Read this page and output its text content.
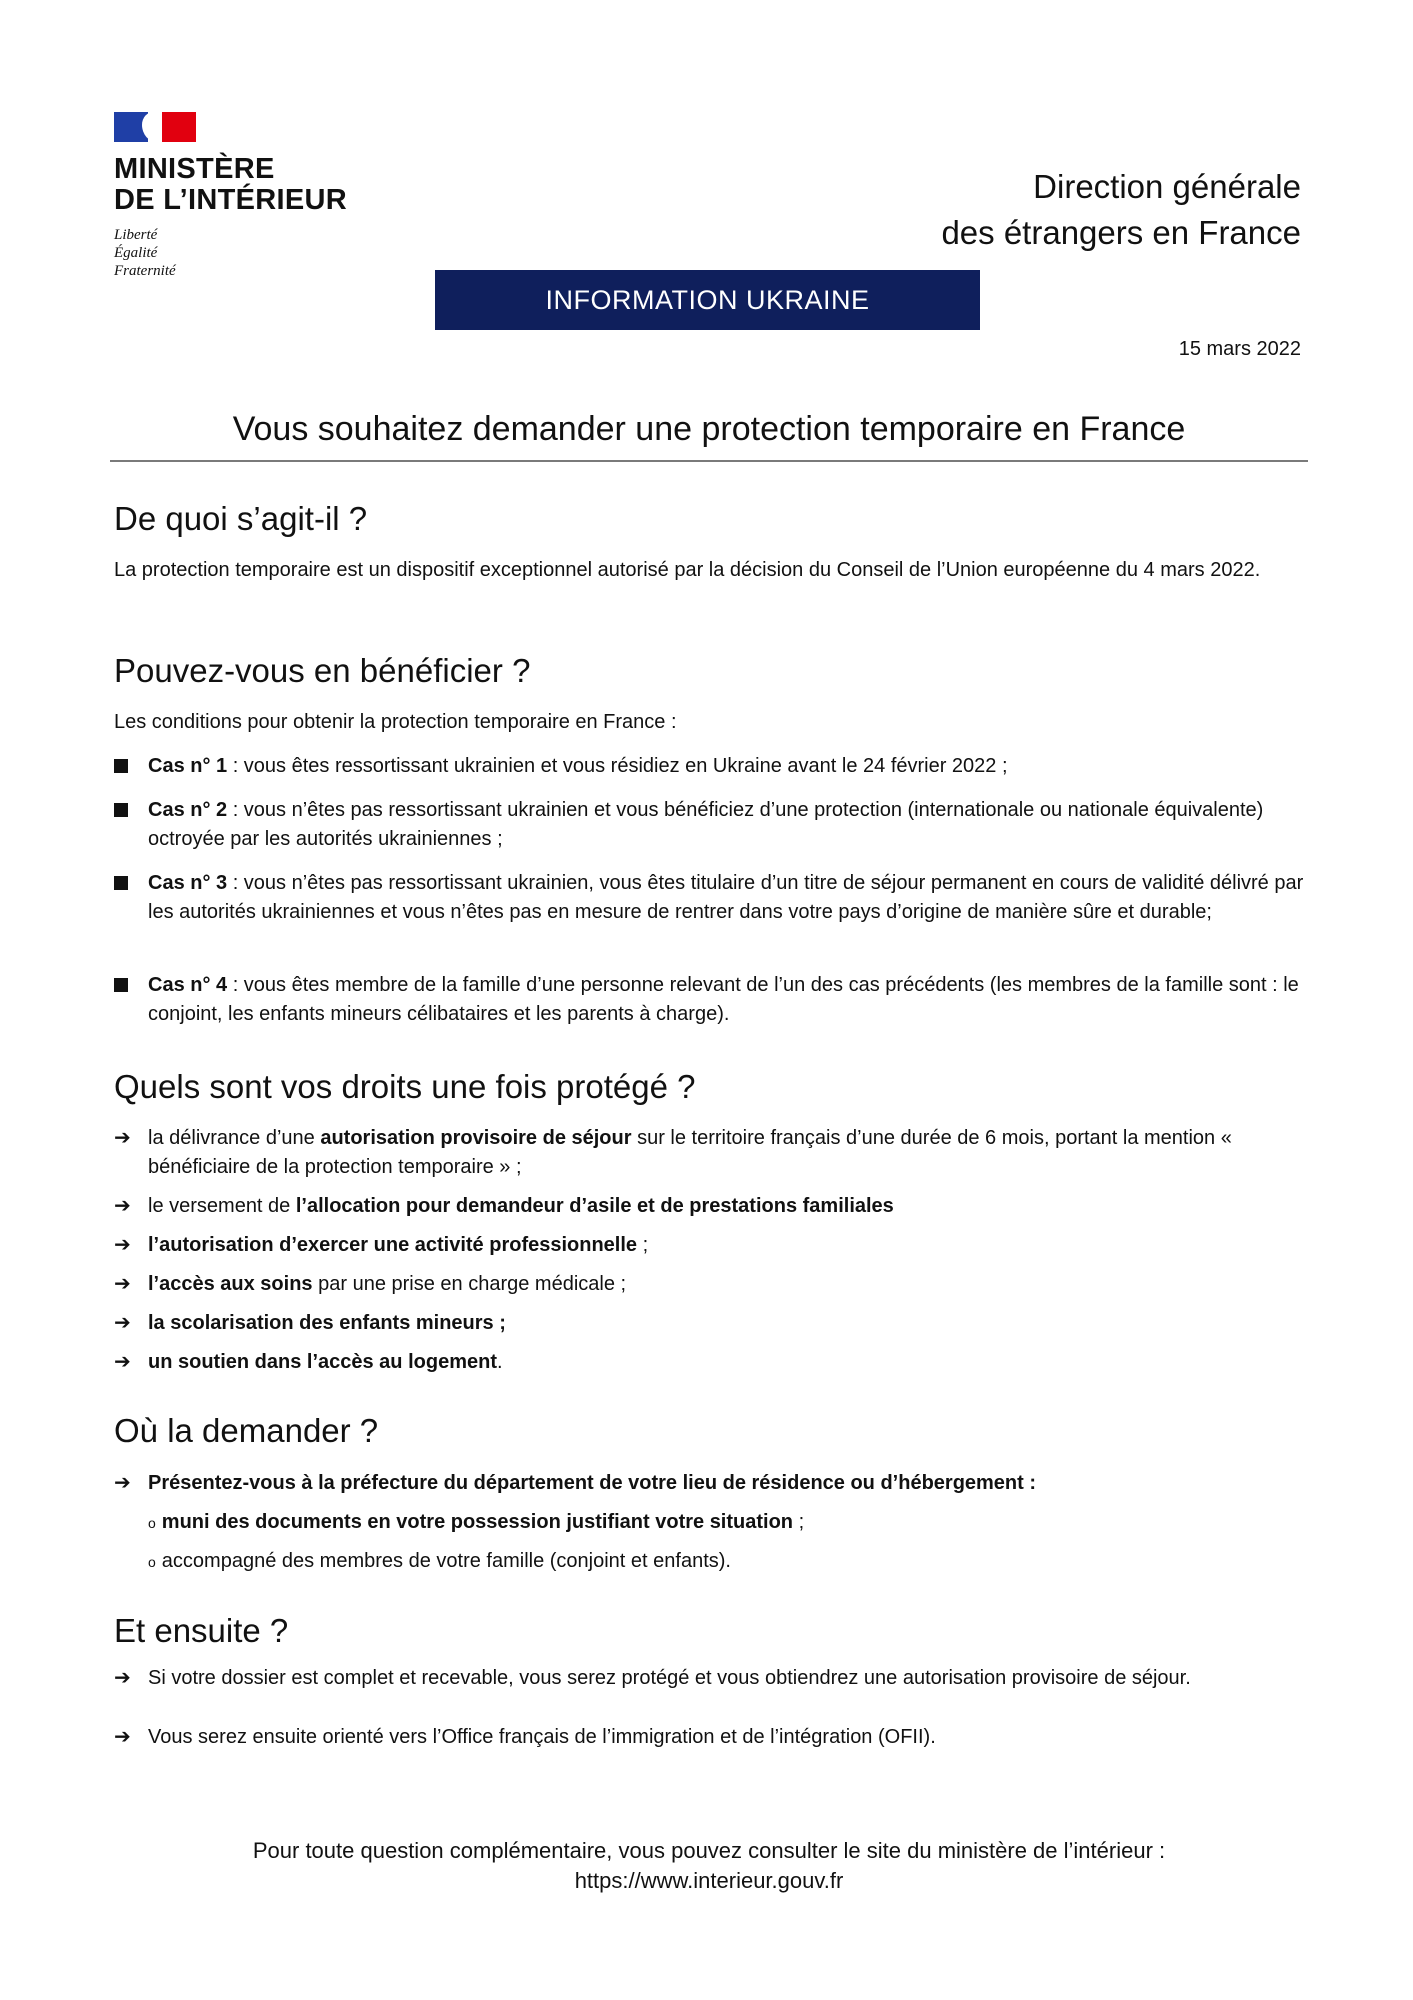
MINISTÈRE
DE L’INTÉRIEUR
Liberté
Égalité
Fraternité
Direction générale
des étrangers en France
INFORMATION UKRAINE
15 mars 2022
Vous souhaitez demander une protection temporaire en France
De quoi s’agit-il ?
La protection temporaire est un dispositif exceptionnel autorisé par la décision du Conseil de l’Union européenne du 4 mars 2022.
Pouvez-vous en bénéficier ?
Les conditions pour obtenir la protection temporaire en France :
Cas n° 1 : vous êtes ressortissant ukrainien et vous résidiez en Ukraine avant le 24 février 2022 ;
Cas n° 2 : vous n’êtes pas ressortissant ukrainien et vous bénéficiez d’une protection (internationale ou nationale équivalente) octroyée par les autorités ukrainiennes ;
Cas n° 3 : vous n’êtes pas ressortissant ukrainien, vous êtes titulaire d’un titre de séjour permanent en cours de validité délivré par les autorités ukrainiennes et vous n’êtes pas en mesure de rentrer dans votre pays d’origine de manière sûre et durable;
Cas n° 4 : vous êtes membre de la famille d’une personne relevant de l’un des cas précédents (les membres de la famille sont : le conjoint, les enfants mineurs célibataires et les parents à charge).
Quels sont vos droits une fois protégé ?
➔ la délivrance d’une autorisation provisoire de séjour sur le territoire français d’une durée de 6 mois, portant la mention « bénéficiaire de la protection temporaire » ;
➔ le versement de l’allocation pour demandeur d’asile et de prestations familiales
➔ l’autorisation d’exercer une activité professionnelle ;
➔ l’accès aux soins par une prise en charge médicale ;
➔ la scolarisation des enfants mineurs ;
➔ un soutien dans l’accès au logement.
Où la demander ?
➔ Présentez-vous à la préfecture du département de votre lieu de résidence ou d’hébergement :
o muni des documents en votre possession justifiant votre situation ;
o accompagné des membres de votre famille (conjoint et enfants).
Et ensuite ?
➔ Si votre dossier est complet et recevable, vous serez protégé et vous obtiendrez une autorisation provisoire de séjour.
➔ Vous serez ensuite orienté vers l’Office français de l’immigration et de l’intégration (OFII).
Pour toute question complémentaire, vous pouvez consulter le site du ministère de l’intérieur :
https://www.interieur.gouv.fr
